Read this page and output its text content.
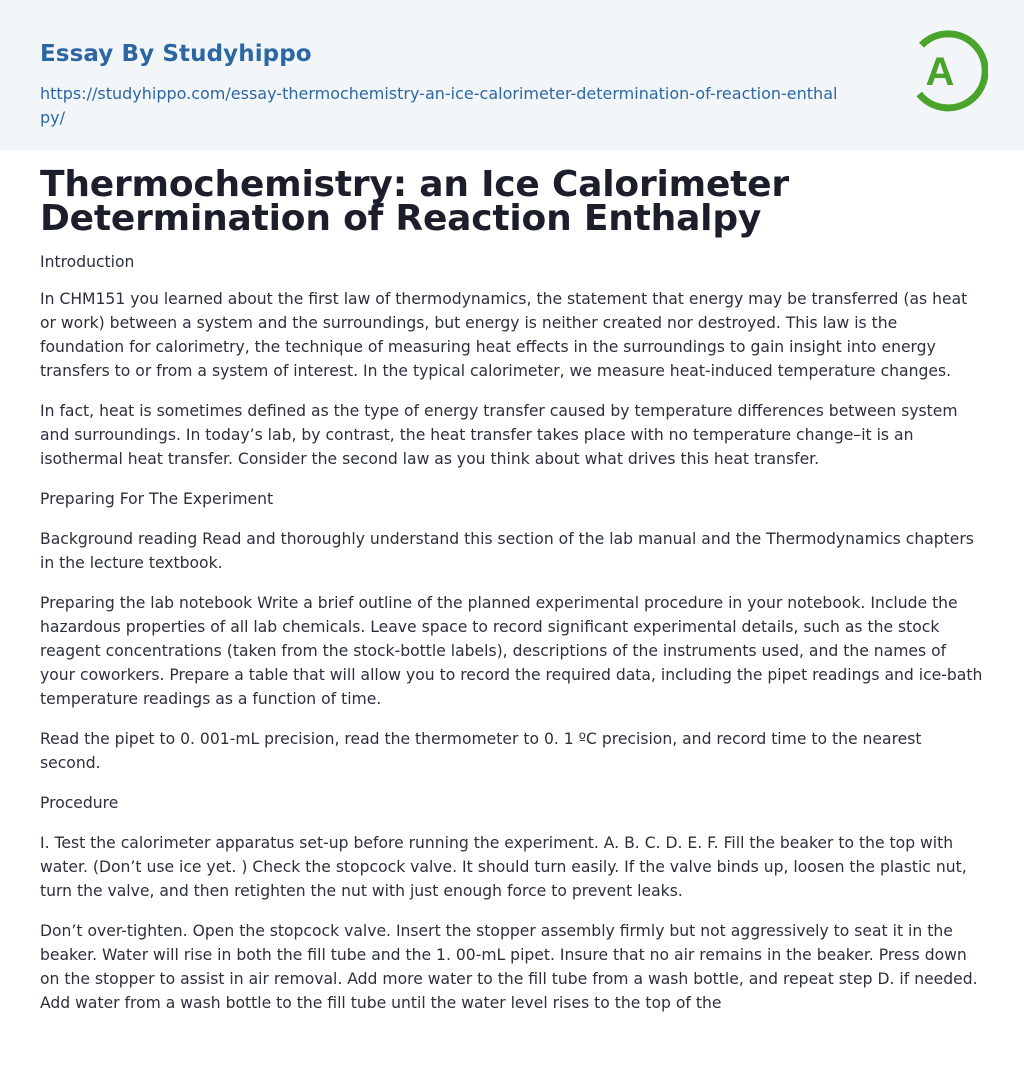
Essay By Studyhippo
https://studyhippo.com/essay-thermochemistry-an-ice-calorimeter-determination-of-reaction-enthalpy/
A
Thermochemistry: an Ice Calorimeter Determination of Reaction Enthalpy

Introduction

In CHM151 you learned about the first law of thermodynamics, the statement that energy may be transferred (as heat or work) between a system and the surroundings, but energy is neither created nor destroyed. This law is the foundation for calorimetry, the technique of measuring heat effects in the surroundings to gain insight into energy transfers to or from a system of interest. In the typical calorimeter, we measure heat-induced temperature changes.

In fact, heat is sometimes defined as the type of energy transfer caused by temperature differences between system and surroundings. In today’s lab, by contrast, the heat transfer takes place with no temperature change–it is an isothermal heat transfer. Consider the second law as you think about what drives this heat transfer.

Preparing For The Experiment

Background reading Read and thoroughly understand this section of the lab manual and the Thermodynamics chapters in the lecture textbook.

Preparing the lab notebook Write a brief outline of the planned experimental procedure in your notebook. Include the hazardous properties of all lab chemicals. Leave space to record significant experimental details, such as the stock reagent concentrations (taken from the stock-bottle labels), descriptions of the instruments used, and the names of your coworkers. Prepare a table that will allow you to record the required data, including the pipet readings and ice-bath temperature readings as a function of time.

Read the pipet to 0. 001-mL precision, read the thermometer to 0. 1 ºC precision, and record time to the nearest second.

Procedure

I. Test the calorimeter apparatus set-up before running the experiment. A. B. C. D. E. F. Fill the beaker to the top with water. (Don’t use ice yet. ) Check the stopcock valve. It should turn easily. If the valve binds up, loosen the plastic nut, turn the valve, and then retighten the nut with just enough force to prevent leaks.

Don’t over-tighten. Open the stopcock valve. Insert the stopper assembly firmly but not aggressively to seat it in the beaker. Water will rise in both the fill tube and the 1. 00-mL pipet. Insure that no air remains in the beaker. Press down on the stopper to assist in air removal. Add more water to the fill tube from a wash bottle, and repeat step D. if needed. Add water from a wash bottle to the fill tube until the water level rises to the top of the
